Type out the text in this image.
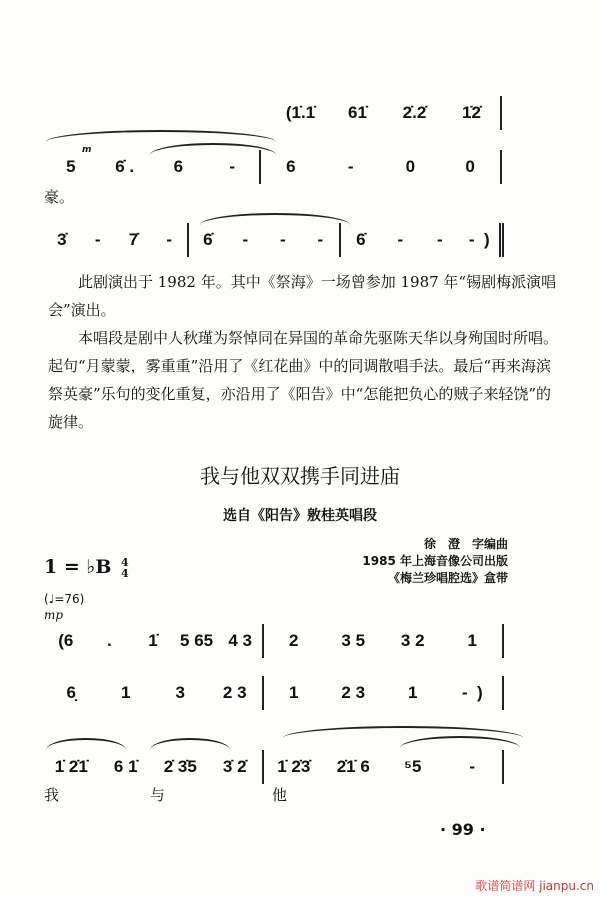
(1̇.1̇	61̇	2̇.2̇	1̇2̇
m
5	6̇ .	6	-	6	-	0	0
豪。
3̇	-	7̇	-	6̇	-	-	-	6̇	-	-	-  )
此剧演出于 1982 年。其中《祭海》一场曾参加 1987 年“锡剧梅派演唱会”演出。
本唱段是剧中人秋瑾为祭悼同在异国的革命先驱陈天华以身殉国时所唱。起句“月蒙蒙，雾重重”沿用了《红花曲》中的同调散唱手法。最后“再来海滨祭英豪”乐句的变化重复，亦沿用了《阳告》中“怎能把负心的贼子来轻饶”的旋律。
我与他双双携手同进庙
选自《阳告》敫桂英唱段
1 = ♭B 4
4
(♩=76)
mp
徐　澄　字编曲
1985 年上海音像公司出版
《梅兰珍唱腔选》盒带
(6	.	1̇	5 65 4 3	2	3 5	3 2	1
6̣	1	3	2 3	1	2 3	1	-  )
1̇ 2̇1̇	6 1̇	2̇ 3̇5	3̇ 2̇	1̇ 2̇3̇	2̇1̇ 6	⁵5	-
我	与	他
· 99 ·
歌谱简谱网 jianpu.cn
